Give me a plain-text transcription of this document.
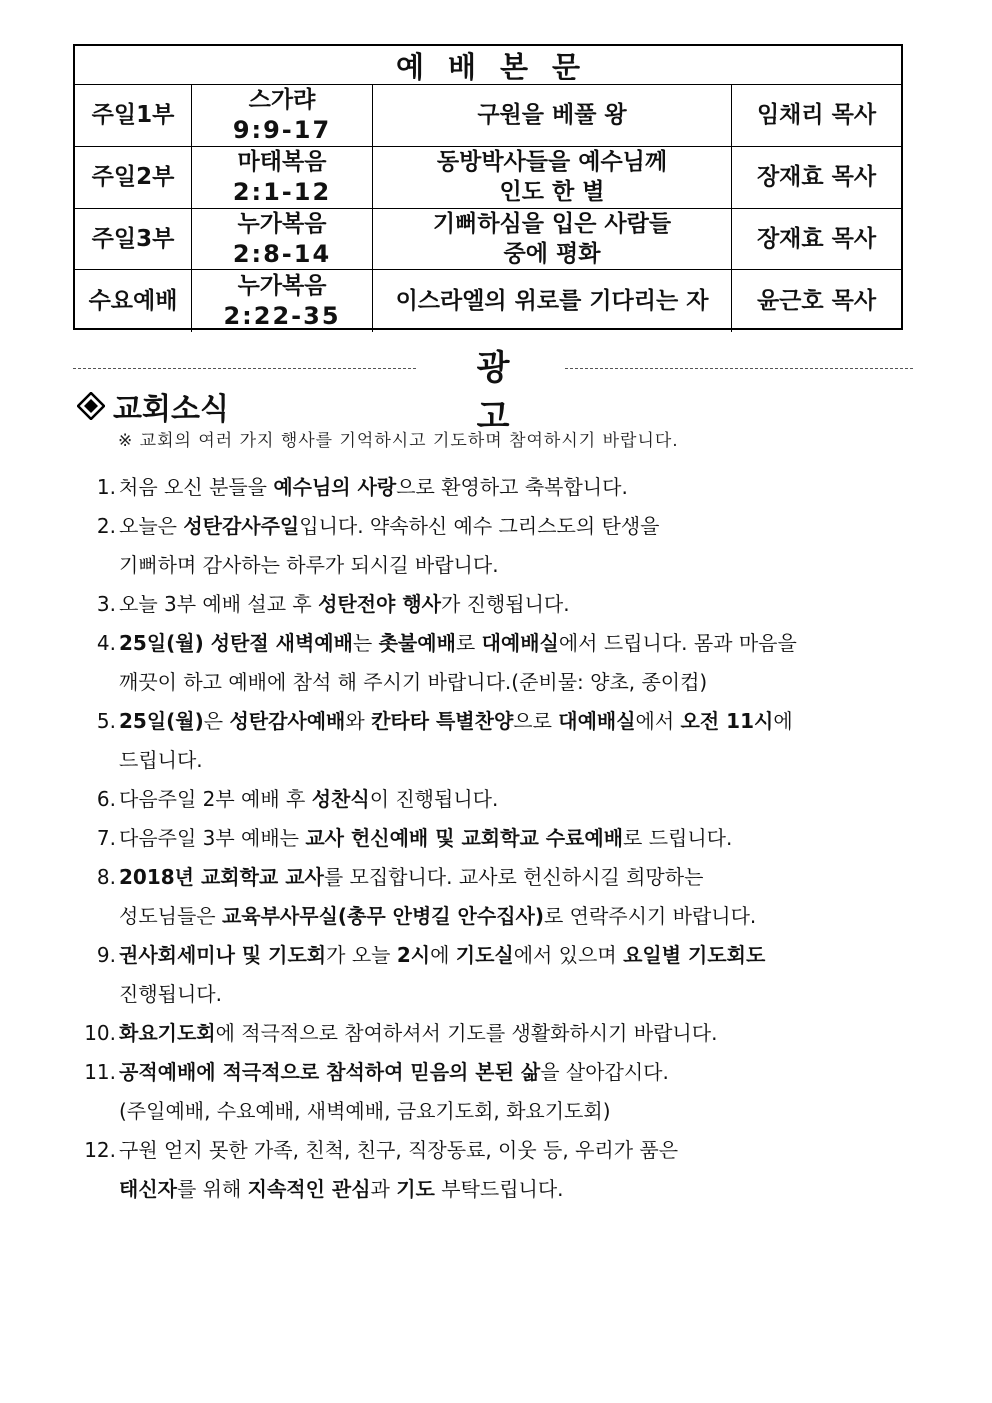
예배본문
주일1부
스가랴
9:9-17
구원을 베풀 왕	임채리 목사
주일2부
마태복음
2:1-12
동방박사들을 예수님께
인도 한 별
장재효 목사
주일3부
누가복음
2:8-14
기뻐하심을 입은 사람들
중에 평화
장재효 목사
수요예배
누가복음
2:22-35
이스라엘의 위로를 기다리는 자 윤근호 목사
광고
교회소식
※ 교회의 여러 가지 행사를 기억하시고 기도하며 참여하시기 바랍니다.
1. 처음 오신 분들을 예수님의 사랑으로 환영하고 축복합니다.
2. 오늘은 성탄감사주일입니다. 약속하신 예수 그리스도의 탄생을
기뻐하며 감사하는 하루가 되시길 바랍니다.
3. 오늘 3부 예배 설교 후 성탄전야 행사가 진행됩니다.
4. 25일(월) 성탄절 새벽예배는 촛불예배로 대예배실에서 드립니다. 몸과 마음을
깨끗이 하고 예배에 참석 해 주시기 바랍니다.(준비물: 양초, 종이컵)
5. 25일(월)은 성탄감사예배와 칸타타 특별찬양으로 대예배실에서 오전 11시에
드립니다.
6. 다음주일 2부 예배 후 성찬식이 진행됩니다.
7. 다음주일 3부 예배는 교사 헌신예배 및 교회학교 수료예배로 드립니다.
8. 2018년 교회학교 교사를 모집합니다. 교사로 헌신하시길 희망하는
성도님들은 교육부사무실(총무 안병길 안수집사)로 연락주시기 바랍니다.
9. 권사회세미나 및 기도회가 오늘 2시에 기도실에서 있으며 요일별 기도회도
진행됩니다.
10. 화요기도회에 적극적으로 참여하셔서 기도를 생활화하시기 바랍니다.
11. 공적예배에 적극적으로 참석하여 믿음의 본된 삶을 살아갑시다.
(주일예배, 수요예배, 새벽예배, 금요기도회, 화요기도회)
12. 구원 얻지 못한 가족, 친척, 친구, 직장동료, 이웃 등, 우리가 품은
태신자를 위해 지속적인 관심과 기도 부탁드립니다.
